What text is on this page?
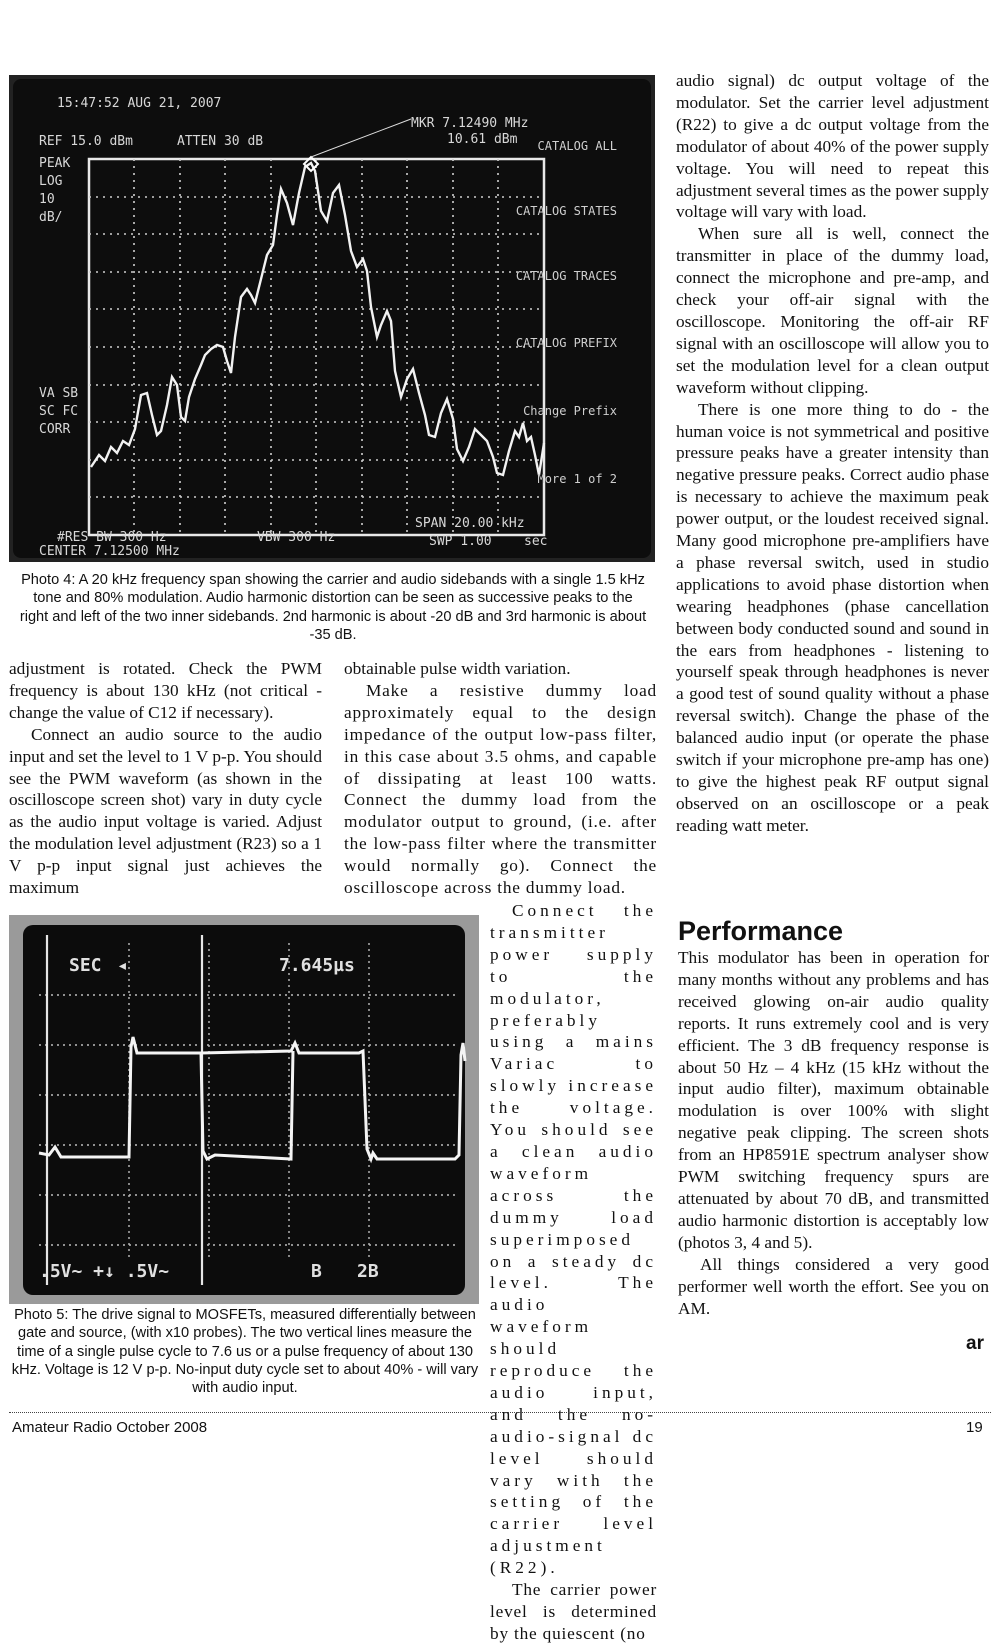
15:47:52 AUG 21, 2007
REF 15.0 dBm	ATTEN 30 dB
MKR 7.12490 MHz
10.61 dBm
PEAK
LOG
10
dB/
VA SB
SC FC
CORR
CENTER 7.12500 MHz
#RES BW 300 Hz	VBW 300 Hz
SPAN 20.00 kHz
SWP 1.00 sec
CATALOG ALL
CATALOG STATES
CATALOG TRACES
CATALOG PREFIX
Change Prefix
More 1 of 2
Photo 4: A 20 kHz frequency span showing the carrier and audio sidebands with a single 1.5 kHz tone and 80% modulation. Audio harmonic distortion can be seen as successive peaks to the right and left of the two inner sidebands. 2nd harmonic is about -20 dB and 3rd harmonic is about -35 dB.

adjustment is rotated. Check the PWM frequency is about 130 kHz (not critical - change the value of C12 if necessary).

Connect an audio source to the audio input and set the level to 1 V p-p. You should see the PWM waveform (as shown in the oscilloscope screen shot) vary in duty cycle as the audio input voltage is varied. Adjust the modulation level adjustment (R23) so a 1 V p-p input signal just achieves the maximum

obtainable pulse width variation.

Make a resistive dummy load approximately equal to the design impedance of the output low-pass filter, in this case about 3.5 ohms, and capable of dissipating at least 100 watts. Connect the dummy load from the modulator output to ground, (i.e. after the low-pass filter where the transmitter would normally go). Connect the oscilloscope across the dummy load.

SEC ◂	7.645µs
.5V~ +↓ .5V~	B 2B
Photo 5: The drive signal to MOSFETs, measured differentially between gate and source, (with x10 probes). The two vertical lines measure the time of a single pulse cycle to 7.6 us or a pulse frequency of about 130 kHz. Voltage is 12 V p-p. No-input duty cycle set to about 40% - will vary with audio input.

Connect the transmitter power supply to the modulator, preferably using a mains Variac to slowly increase the voltage. You should see a clean audio waveform across the dummy load superimposed on a steady dc level. The audio waveform should reproduce the audio input, and the no-audio-signal dc level should vary with the setting of the carrier level adjustment (R22).

The carrier power level is determined by the quiescent (no

audio signal) dc output voltage of the modulator. Set the carrier level adjustment (R22) to give a dc output voltage from the modulator of about 40% of the power supply voltage. You will need to repeat this adjustment several times as the power supply voltage will vary with load.

When sure all is well, connect the transmitter in place of the dummy load, connect the microphone and pre-amp, and check your off-air signal with the oscilloscope. Monitoring the off-air RF signal with an oscilloscope will allow you to set the modulation level for a clean output waveform without clipping.

There is one more thing to do - the human voice is not symmetrical and positive pressure peaks have a greater intensity than negative pressure peaks. Correct audio phase is necessary to achieve the maximum peak power output, or the loudest received signal. Many good microphone pre-amplifiers have a phase reversal switch, used in studio applications to avoid phase distortion when wearing headphones (phase cancellation between body conducted sound and sound in the ears from headphones - listening to yourself speak through headphones is never a good test of sound quality without a phase reversal switch). Change the phase of the balanced audio input (or operate the phase switch if your microphone pre-amp has one) to give the highest peak RF output signal observed on an oscilloscope or a peak reading watt meter.

Performance

This modulator has been in operation for many months without any problems and has received glowing on-air audio quality reports. It runs extremely cool and is very efficient. The 3 dB frequency response is about 50 Hz – 4 kHz (15 kHz without the input audio filter), maximum obtainable modulation is over 100% with slight negative peak clipping. The screen shots from an HP8591E spectrum analyser show PWM switching frequency spurs are attenuated by about 70 dB, and transmitted audio harmonic distortion is acceptably low (photos 3, 4 and 5).

All things considered a very good performer well worth the effort. See you on AM.

ar
Amateur Radio October 2008	19
